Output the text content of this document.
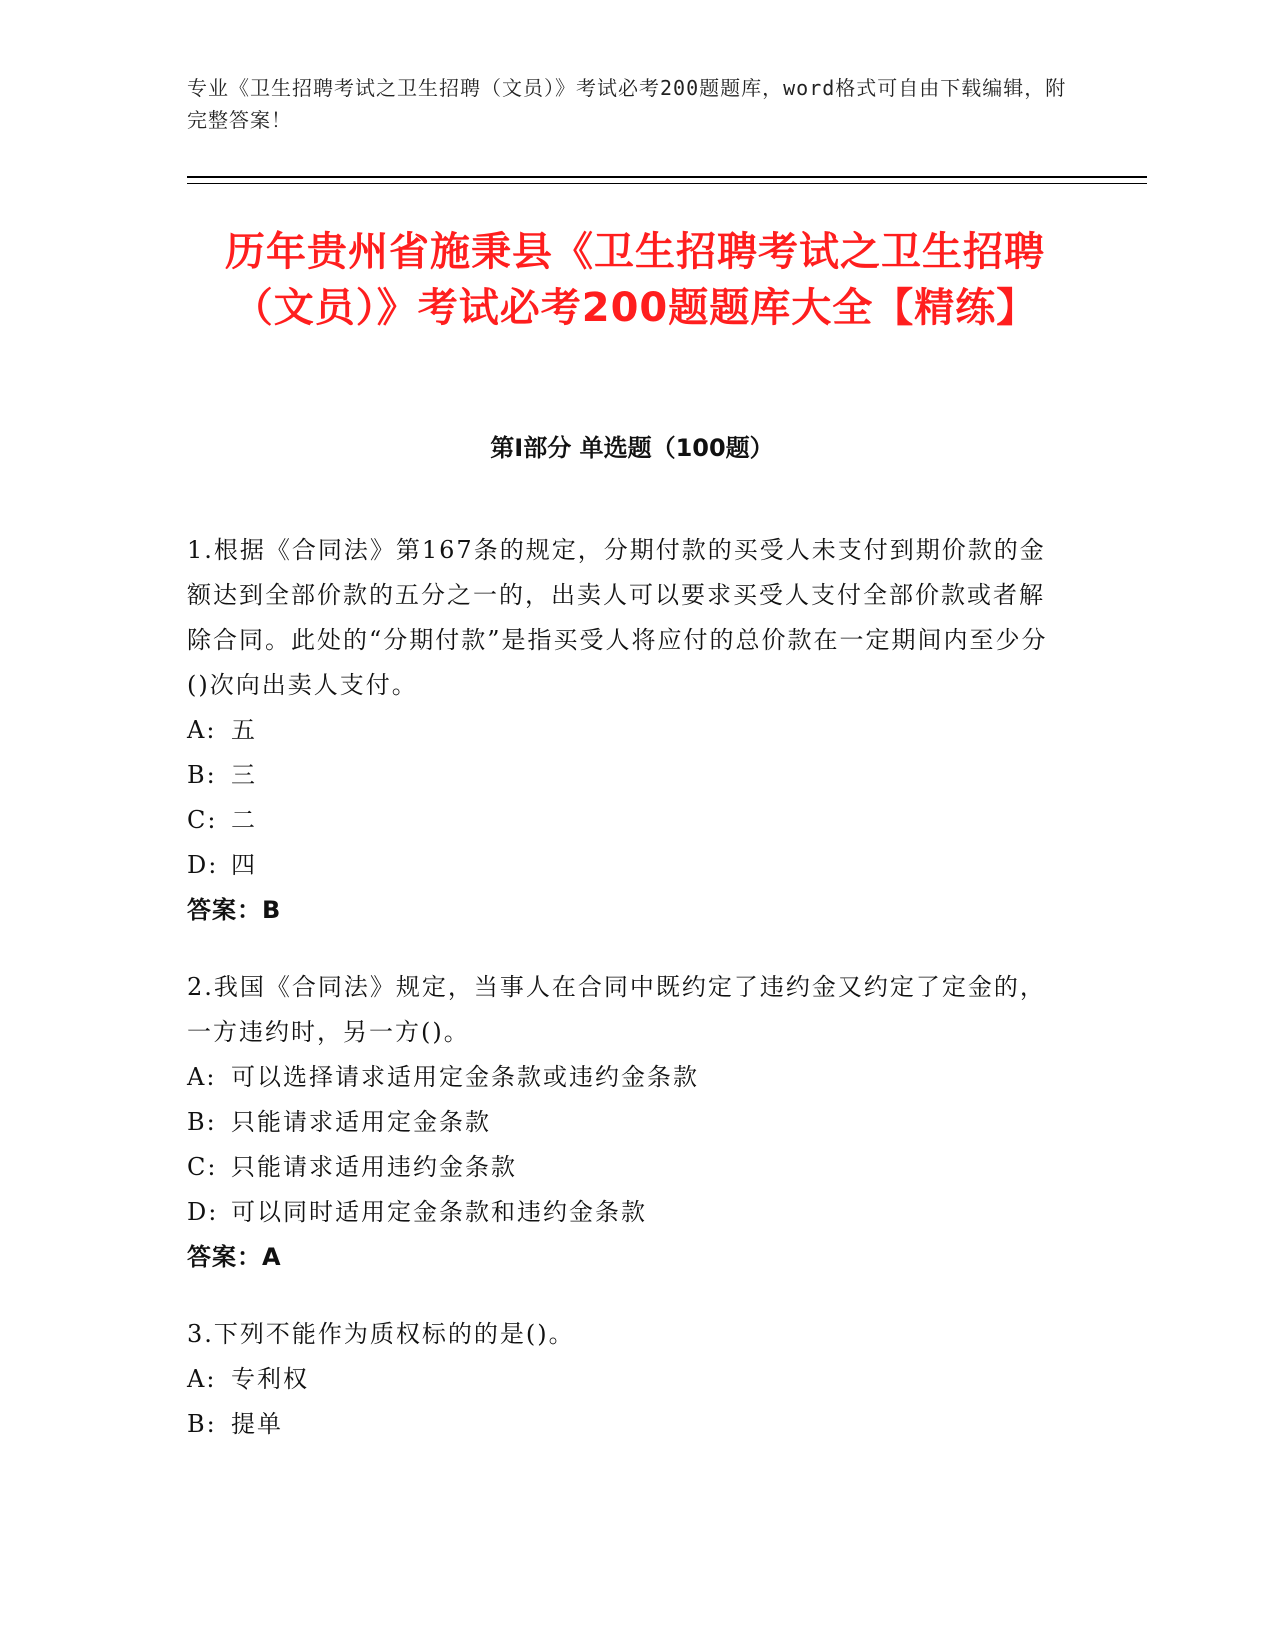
专业《卫生招聘考试之卫生招聘（文员）》考试必考200题题库，word格式可自由下载编辑，附完整答案！
历年贵州省施秉县《卫生招聘考试之卫生招聘（文员）》考试必考200题题库大全【精练】
第I部分 单选题（100题）
1.根据《合同法》第167条的规定，分期付款的买受人未支付到期价款的金额达到全部价款的五分之一的，出卖人可以要求买受人支付全部价款或者解除合同。此处的“分期付款”是指买受人将应付的总价款在一定期间内至少分()次向出卖人支付。
A: 五
B: 三
C: 二
D: 四
答案：B
2.我国《合同法》规定，当事人在合同中既约定了违约金又约定了定金的，一方违约时，另一方()。
A: 可以选择请求适用定金条款或违约金条款
B: 只能请求适用定金条款
C: 只能请求适用违约金条款
D: 可以同时适用定金条款和违约金条款
答案：A
3.下列不能作为质权标的的是()。
A: 专利权
B: 提单
